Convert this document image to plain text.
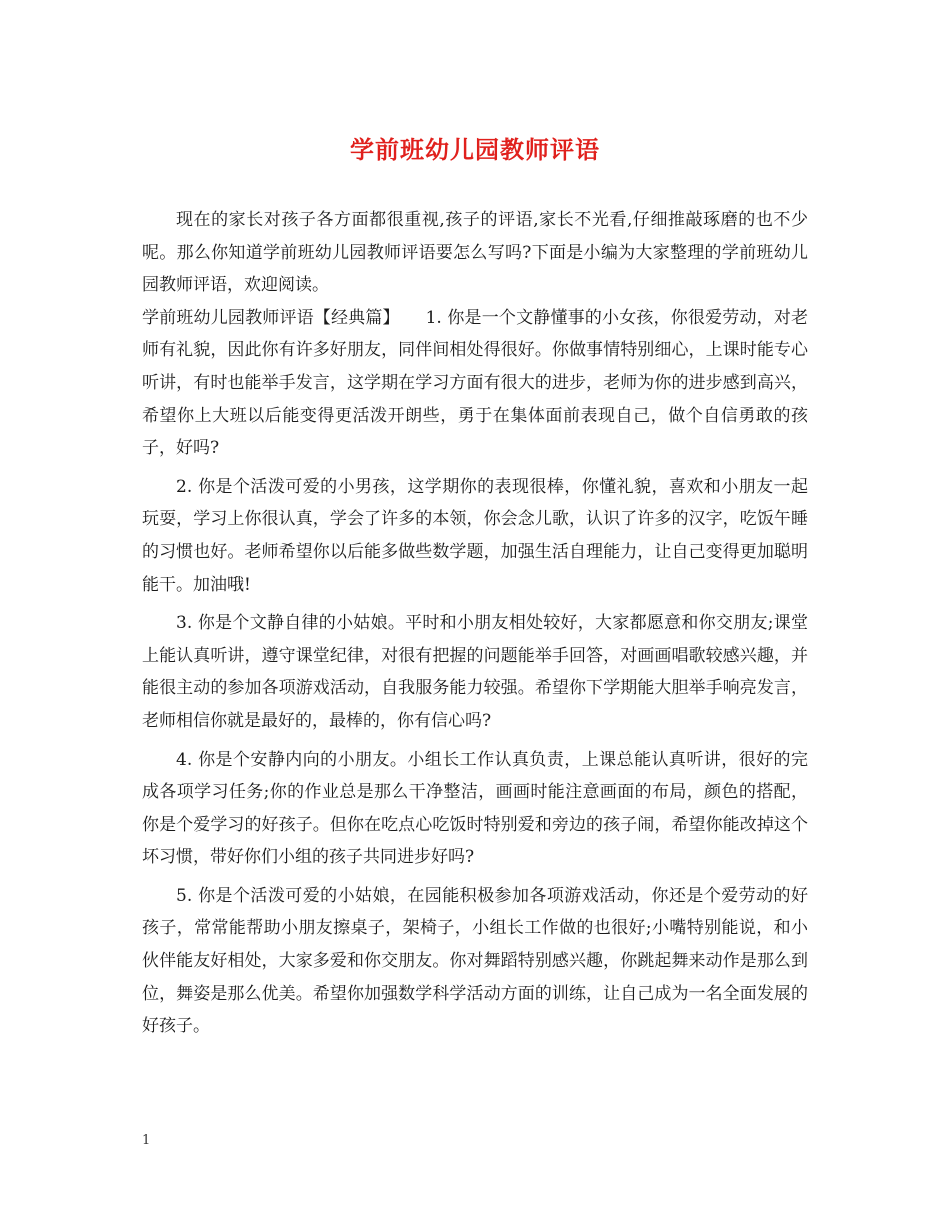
学前班幼儿园教师评语

现在的家长对孩子各方面都很重视,孩子的评语,家长不光看,仔细推敲琢磨的也不少呢。那么你知道学前班幼儿园教师评语要怎么写吗?下面是小编为大家整理的学前班幼儿园教师评语，欢迎阅读。

学前班幼儿园教师评语【经典篇】　　1. 你是一个文静懂事的小女孩，你很爱劳动，对老师有礼貌，因此你有许多好朋友，同伴间相处得很好。你做事情特别细心，上课时能专心听讲，有时也能举手发言，这学期在学习方面有很大的进步，老师为你的进步感到高兴，希望你上大班以后能变得更活泼开朗些，勇于在集体面前表现自己，做个自信勇敢的孩子，好吗?

2. 你是个活泼可爱的小男孩，这学期你的表现很棒，你懂礼貌，喜欢和小朋友一起玩耍，学习上你很认真，学会了许多的本领，你会念儿歌，认识了许多的汉字，吃饭午睡的习惯也好。老师希望你以后能多做些数学题，加强生活自理能力，让自己变得更加聪明能干。加油哦!

3. 你是个文静自律的小姑娘。平时和小朋友相处较好，大家都愿意和你交朋友;课堂上能认真听讲，遵守课堂纪律，对很有把握的问题能举手回答，对画画唱歌较感兴趣，并能很主动的参加各项游戏活动，自我服务能力较强。希望你下学期能大胆举手响亮发言，老师相信你就是最好的，最棒的，你有信心吗?

4. 你是个安静内向的小朋友。小组长工作认真负责，上课总能认真听讲，很好的完成各项学习任务;你的作业总是那么干净整洁，画画时能注意画面的布局，颜色的搭配，你是个爱学习的好孩子。但你在吃点心吃饭时特别爱和旁边的孩子闹，希望你能改掉这个坏习惯，带好你们小组的孩子共同进步好吗?

5. 你是个活泼可爱的小姑娘，在园能积极参加各项游戏活动，你还是个爱劳动的好孩子，常常能帮助小朋友擦桌子，架椅子，小组长工作做的也很好;小嘴特别能说，和小伙伴能友好相处，大家多爱和你交朋友。你对舞蹈特别感兴趣，你跳起舞来动作是那么到位，舞姿是那么优美。希望你加强数学科学活动方面的训练，让自己成为一名全面发展的好孩子。

1
